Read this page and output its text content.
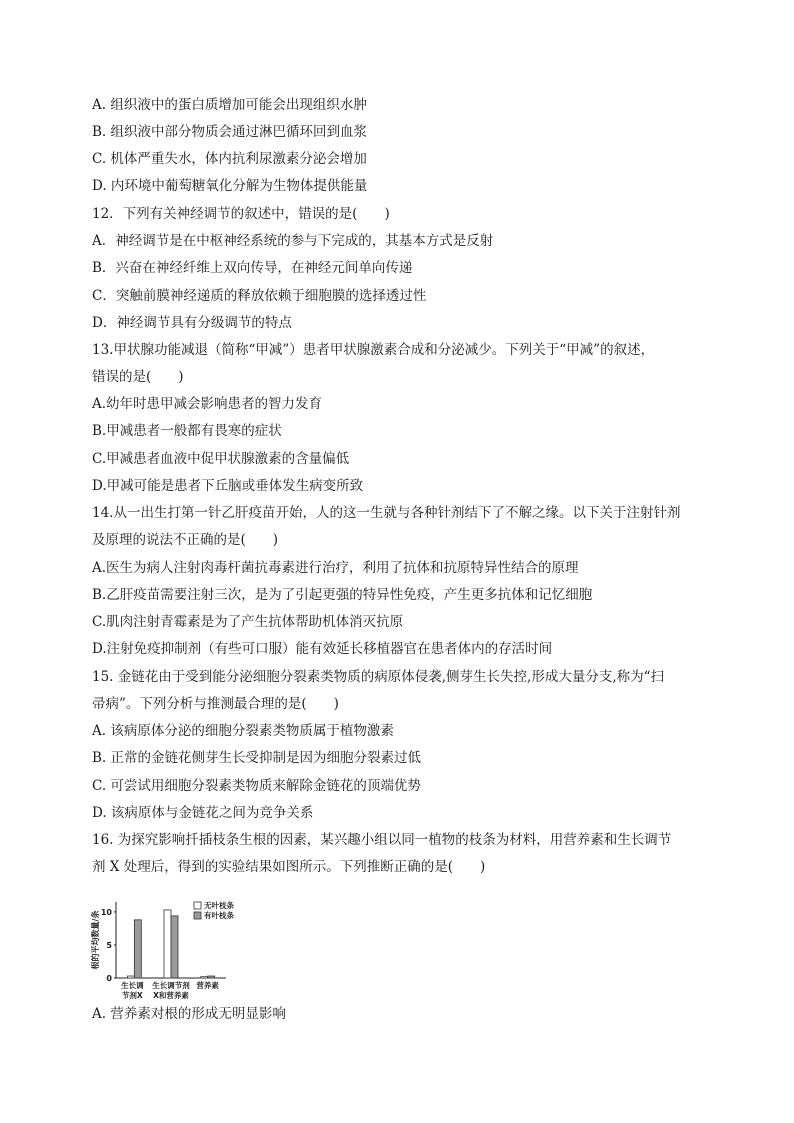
A. 组织液中的蛋白质增加可能会出现组织水肿
B. 组织液中部分物质会通过淋巴循环回到血浆
C. 机体严重失水，体内抗利尿激素分泌会增加
D. 内环境中葡萄糖氧化分解为生物体提供能量
12．下列有关神经调节的叙述中，错误的是(　　)
A．神经调节是在中枢神经系统的参与下完成的，其基本方式是反射
B．兴奋在神经纤维上双向传导，在神经元间单向传递
C．突触前膜神经递质的释放依赖于细胞膜的选择透过性
D．神经调节具有分级调节的特点
13.甲状腺功能减退（简称“甲减”）患者甲状腺激素合成和分泌减少。下列关于“甲减”的叙述，
错误的是(　　)
A.幼年时患甲减会影响患者的智力发育
B.甲减患者一般都有畏寒的症状
C.甲减患者血液中促甲状腺激素的含量偏低
D.甲减可能是患者下丘脑或垂体发生病变所致
14.从一出生打第一针乙肝疫苗开始，人的这一生就与各种针剂结下了不解之缘。以下关于注射针剂
及原理的说法不正确的是(　　)
A.医生为病人注射肉毒杆菌抗毒素进行治疗，利用了抗体和抗原特异性结合的原理
B.乙肝疫苗需要注射三次，是为了引起更强的特异性免疫，产生更多抗体和记忆细胞
C.肌肉注射青霉素是为了产生抗体帮助机体消灭抗原
D.注射免疫抑制剂（有些可口服）能有效延长移植器官在患者体内的存活时间
15. 金链花由于受到能分泌细胞分裂素类物质的病原体侵袭,侧芽生长失控,形成大量分支,称为“扫
帚病”。下列分析与推测最合理的是(　　)
A. 该病原体分泌的细胞分裂素类物质属于植物激素
B. 正常的金链花侧芽生长受抑制是因为细胞分裂素过低
C. 可尝试用细胞分裂素类物质来解除金链花的顶端优势
D. 该病原体与金链花之间为竞争关系
16. 为探究影响扦插枝条生根的因素，某兴趣小组以同一植物的枝条为材料，用营养素和生长调节
剂 X 处理后，得到的实验结果如图所示。下列推断正确的是(　　)
根的平均数量/条
0
5
10
生长调
节剂X
生长调节剂
X和营养素
营养素
无叶枝条
有叶枝条
A. 营养素对根的形成无明显影响
